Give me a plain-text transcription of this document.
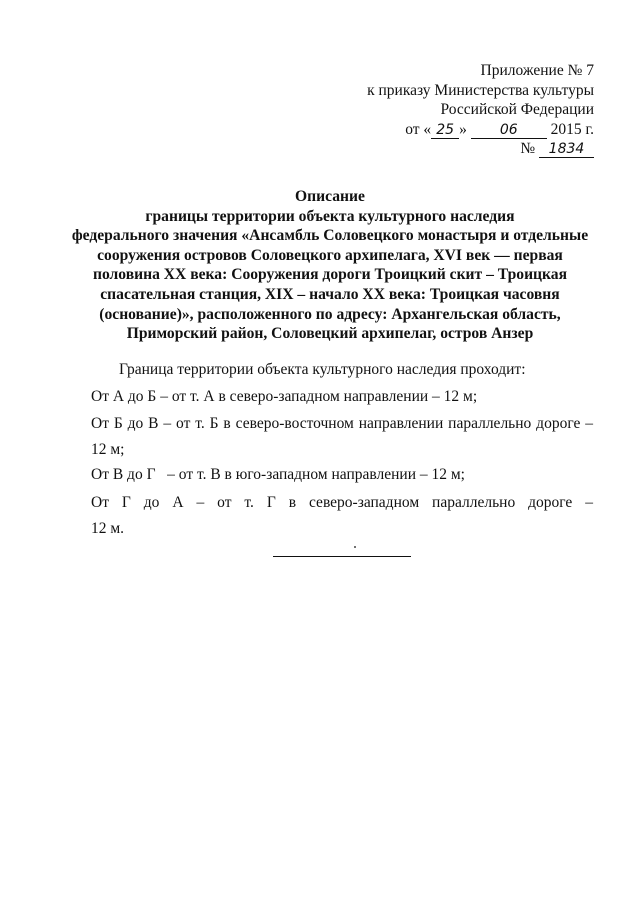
Приложение № 7
к приказу Министерства культуры
Российской Федерации
от « 25 » 06 2015 г.
№ 1834
Описание
границы территории объекта культурного наследия
федерального значения «Ансамбль Соловецкого монастыря и отдельные
сооружения островов Соловецкого архипелага, XVI век — первая
половина XX века: Сооружения дороги Троицкий скит – Троицкая
спасательная станция, XIX – начало XX века: Троицкая часовня
(основание)», расположенного по адресу: Архангельская область,
Приморский район, Соловецкий архипелаг, остров Анзер
Граница территории объекта культурного наследия проходит:
От А до Б – от т. А в северо-западном направлении – 12 м;
От Б до В – от т. Б в северо-восточном направлении параллельно дороге –
12 м;
От В до Г   – от т. В в юго-западном направлении – 12 м;
От Г до А – от т. Г в северо-западном параллельно дороге –
12 м.
